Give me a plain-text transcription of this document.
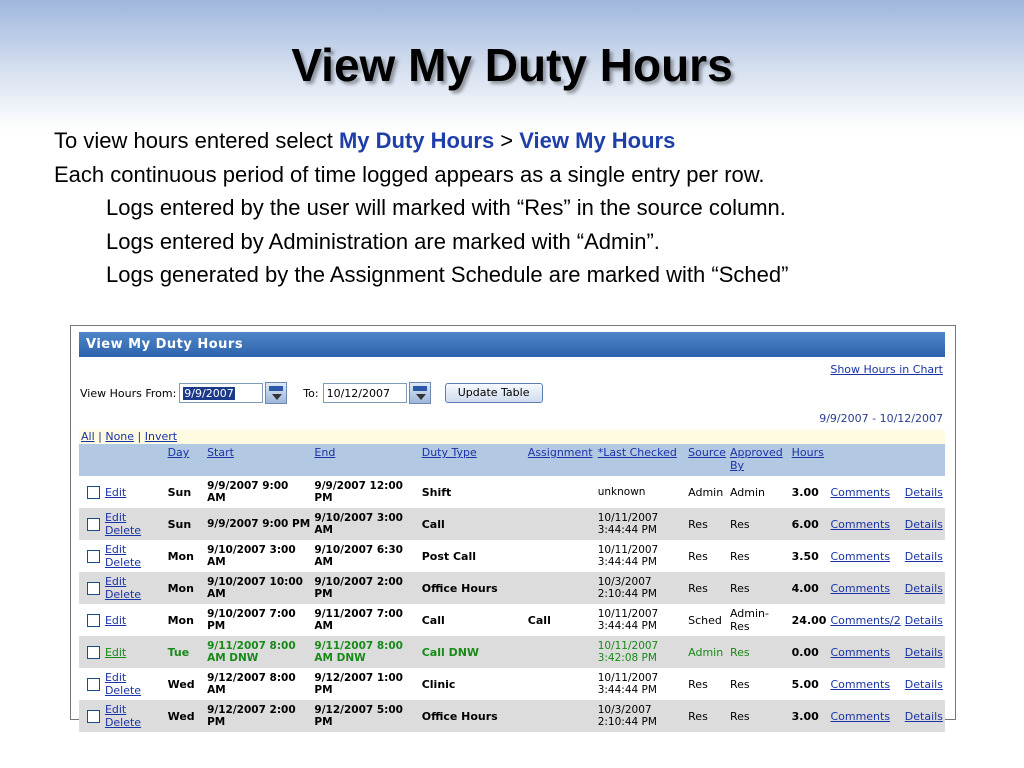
View My Duty Hours
To view hours entered select My Duty Hours > View My Hours
Each continuous period of time logged appears as a single entry per row.
Logs entered by the user will marked with “Res” in the source column.
Logs entered by Administration are marked with “Admin”.
Logs generated by the Assignment Schedule are marked with “Sched”
View My Duty Hours
Show Hours in Chart
View Hours From: 9/9/2007	To: 10/12/2007	Update Table
9/9/2007 - 10/12/2007
All | None | Invert
		Day	Start	End	Duty Type	Assignment	*Last Checked	Source	Approved By	Hours		
	Edit	Sun	9/9/2007 9:00 AM	9/9/2007 12:00 PM	Shift		unknown	Admin	Admin	3.00	Comments	Details
	Edit Delete	Sun	9/9/2007 9:00 PM	9/10/2007 3:00 AM	Call		10/11/2007 3:44:44 PM	Res	Res	6.00	Comments	Details
	Edit Delete	Mon	9/10/2007 3:00 AM	9/10/2007 6:30 AM	Post Call		10/11/2007 3:44:44 PM	Res	Res	3.50	Comments	Details
	Edit Delete	Mon	9/10/2007 10:00 AM	9/10/2007 2:00 PM	Office Hours		10/3/2007 2:10:44 PM	Res	Res	4.00	Comments	Details
	Edit	Mon	9/10/2007 7:00 PM	9/11/2007 7:00 AM	Call	Call	10/11/2007 3:44:44 PM	Sched	Admin-Res	24.00	Comments/2	Details
	Edit	Tue	9/11/2007 8:00 AM DNW	9/11/2007 8:00 AM DNW	Call DNW		10/11/2007 3:42:08 PM	Admin	Res	0.00	Comments	Details
	Edit Delete	Wed	9/12/2007 8:00 AM	9/12/2007 1:00 PM	Clinic		10/11/2007 3:44:44 PM	Res	Res	5.00	Comments	Details
	Edit Delete	Wed	9/12/2007 2:00 PM	9/12/2007 5:00 PM	Office Hours		10/3/2007 2:10:44 PM	Res	Res	3.00	Comments	Details
